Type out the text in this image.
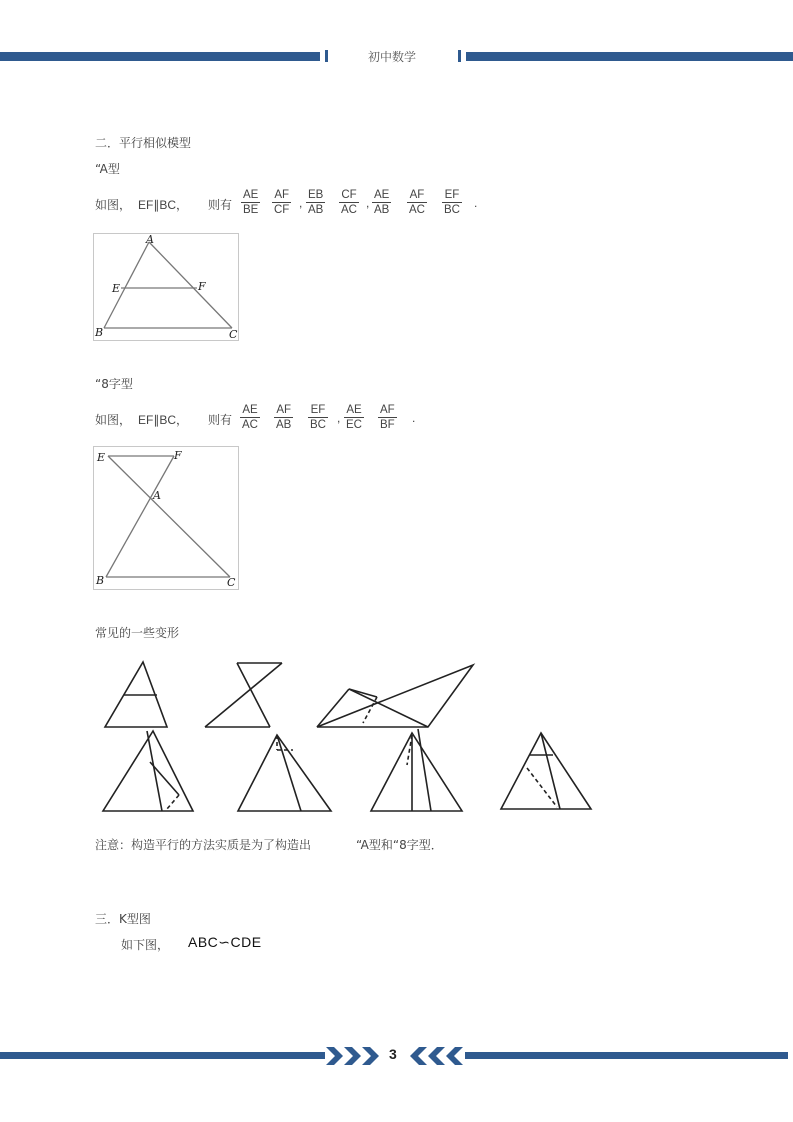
初中数学
二．平行相似模型
“A型
如图， EF∥BC， 则有 $\frac{AE}{BE} \frac{AF}{CF}$ , $\frac{EB}{AB} \frac{CF}{AC}$ , $\frac{AE}{AB} \frac{AF}{AC} \frac{EF}{BC}$ .
A
E	F
B	C
“8字型
如图， EF∥BC， 则有 $\frac{AE}{AC} \frac{AF}{AB} \frac{EF}{BC}$ , $\frac{AE}{EC} \frac{AF}{BF}$ .
E	F
A
B	C
常见的一些变形
注意：构造平行的方法实质是为了构造出	“A型和“8字型．
三．K型图
如下图， ABC∽CDE
3
